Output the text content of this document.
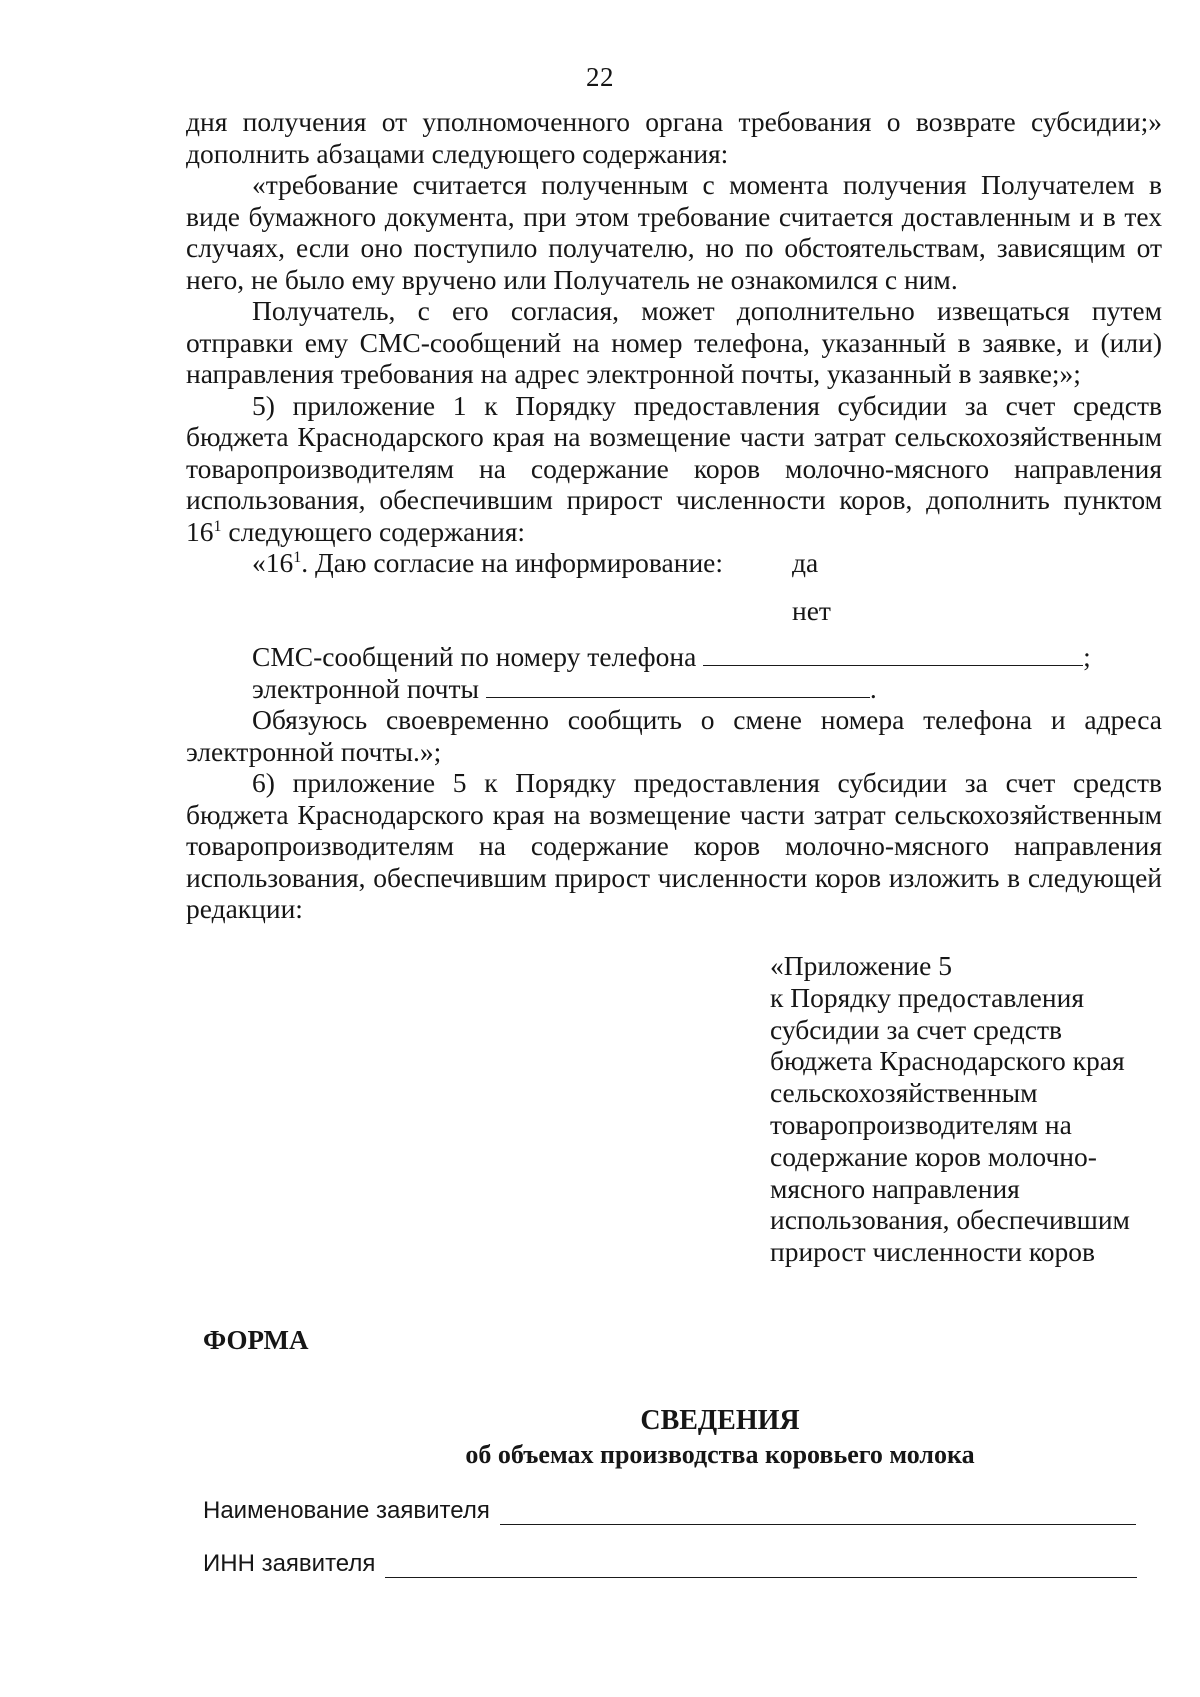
22

дня получения от уполномоченного органа требования о возврате субсидии;» дополнить абзацами следующего содержания:

«требование считается полученным с момента получения Получателем в виде бумажного документа, при этом требование считается доставленным и в тех случаях, если оно поступило получателю, но по обстоятельствам, зависящим от него, не было ему вручено или Получатель не ознакомился с ним.

Получатель, с его согласия, может дополнительно извещаться путем отправки ему СМС-сообщений на номер телефона, указанный в заявке, и (или) направления требования на адрес электронной почты, указанный в заявке;»;

5) приложение 1 к Порядку предоставления субсидии за счет средств бюджета Краснодарского края на возмещение части затрат сельскохозяйственным товаропроизводителям на содержание коров молочно-мясного направления использования, обеспечившим прирост численности коров, дополнить пунктом $16^1$ следующего содержания:

«$16^1$. Даю согласие на информирование:	да
нет

СМС-сообщений по номеру телефона	;

электронной почты	.

Обязуюсь своевременно сообщить о смене номера телефона и адреса электронной почты.»;

6) приложение 5 к Порядку предоставления субсидии за счет средств бюджета Краснодарского края на возмещение части затрат сельскохозяйственным товаропроизводителям на содержание коров молочно-мясного направления использования, обеспечившим прирост численности коров изложить в следующей редакции:

«Приложение 5
к Порядку предоставления
субсидии за счет средств
бюджета Краснодарского края
сельскохозяйственным
товаропроизводителям на
содержание коров молочно-
мясного направления
использования, обеспечившим
прирост численности коров
ФОРМА
СВЕДЕНИЯ
об объемах производства коровьего молока
Наименование заявителя
ИНН заявителя
